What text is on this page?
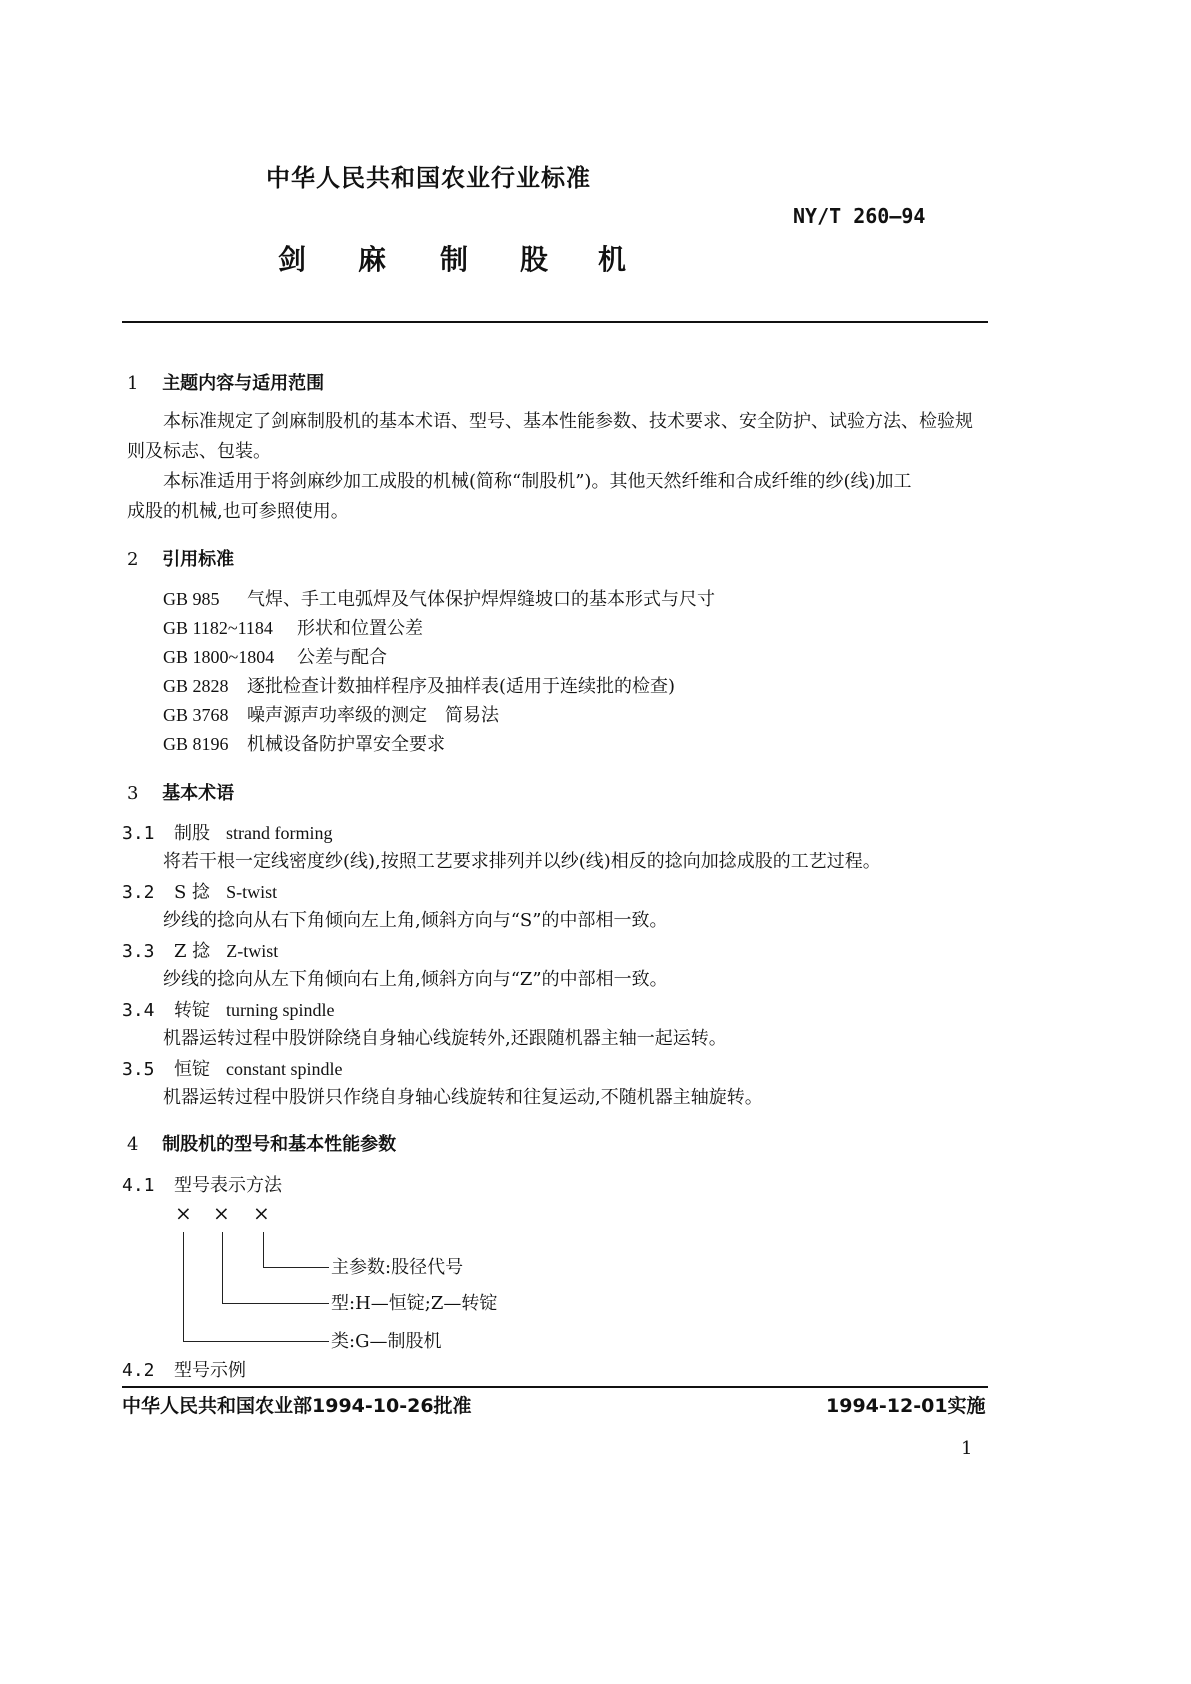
中华人民共和国农业行业标准
NY/T 260—94
剑 麻 制 股 机
1 主题内容与适用范围
本标准规定了剑麻制股机的基本术语、型号、基本性能参数、技术要求、安全防护、试验方法、检验规
则及标志、包装。
本标准适用于将剑麻纱加工成股的机械(简称“制股机”)。其他天然纤维和合成纤维的纱(线)加工
成股的机械,也可参照使用。
2 引用标准
GB 985 气焊、手工电弧焊及气体保护焊焊缝坡口的基本形式与尺寸
GB 1182~1184 形状和位置公差
GB 1800~1804 公差与配合
GB 2828 逐批检查计数抽样程序及抽样表(适用于连续批的检查)
GB 3768 噪声源声功率级的测定　简易法
GB 8196 机械设备防护罩安全要求
3 基本术语
3.1 制股 strand forming
将若干根一定线密度纱(线),按照工艺要求排列并以纱(线)相反的捻向加捻成股的工艺过程。
3.2 S 捻 S-twist
纱线的捻向从右下角倾向左上角,倾斜方向与“S”的中部相一致。
3.3 Z 捻 Z-twist
纱线的捻向从左下角倾向右上角,倾斜方向与“Z”的中部相一致。
3.4 转锭 turning spindle
机器运转过程中股饼除绕自身轴心线旋转外,还跟随机器主轴一起运转。
3.5 恒锭 constant spindle
机器运转过程中股饼只作绕自身轴心线旋转和往复运动,不随机器主轴旋转。
4 制股机的型号和基本性能参数
4.1 型号表示方法
× × ×
主参数:股径代号
型:H—恒锭;Z—转锭
类:G—制股机
4.2 型号示例
中华人民共和国农业部1994-10-26批准	1994-12-01实施
1
